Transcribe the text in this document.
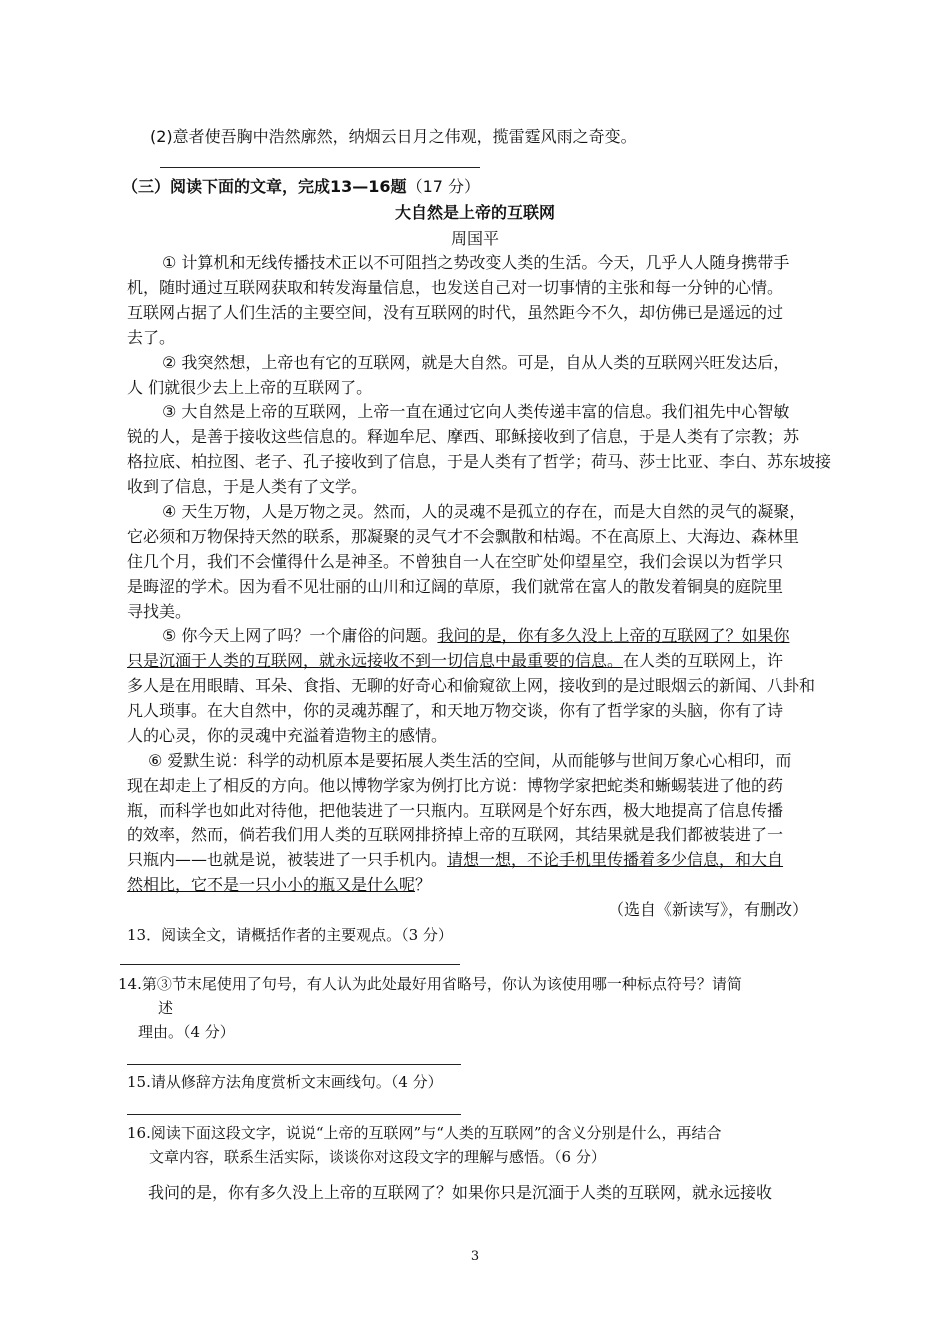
(2)意者使吾胸中浩然廓然，纳烟云日月之伟观，揽雷霆风雨之奇变。
（三）阅读下面的文章，完成13—16题（17 分）
大自然是上帝的互联网
周国平
① 计算机和无线传播技术正以不可阻挡之势改变人类的生活。今天，几乎人人随身携带手
机，随时通过互联网获取和转发海量信息，也发送自己对一切事情的主张和每一分钟的心情。
互联网占据了人们生活的主要空间，没有互联网的时代，虽然距今不久，却仿佛已是遥远的过
去了。
② 我突然想，上帝也有它的互联网，就是大自然。可是，自从人类的互联网兴旺发达后，
人 们就很少去上上帝的互联网了。
③ 大自然是上帝的互联网，上帝一直在通过它向人类传递丰富的信息。我们祖先中心智敏
锐的人，是善于接收这些信息的。释迦牟尼、摩西、耶稣接收到了信息，于是人类有了宗教；苏
格拉底、柏拉图、老子、孔子接收到了信息，于是人类有了哲学；荷马、莎士比亚、李白、苏东坡接
收到了信息，于是人类有了文学。
④ 天生万物，人是万物之灵。然而，人的灵魂不是孤立的存在，而是大自然的灵气的凝聚，
它必须和万物保持天然的联系，那凝聚的灵气才不会飘散和枯竭。不在高原上、大海边、森林里
住几个月，我们不会懂得什么是神圣。不曾独自一人在空旷处仰望星空，我们会误以为哲学只
是晦涩的学术。因为看不见壮丽的山川和辽阔的草原，我们就常在富人的散发着铜臭的庭院里
寻找美。
⑤ 你今天上网了吗？一个庸俗的问题。我问的是，你有多久没上上帝的互联网了？如果你
只是沉湎于人类的互联网，就永远接收不到一切信息中最重要的信息。在人类的互联网上，许
多人是在用眼睛、耳朵、食指、无聊的好奇心和偷窥欲上网，接收到的是过眼烟云的新闻、八卦和
凡人琐事。在大自然中，你的灵魂苏醒了，和天地万物交谈，你有了哲学家的头脑，你有了诗
人的心灵，你的灵魂中充溢着造物主的感情。
⑥ 爱默生说：科学的动机原本是要拓展人类生活的空间，从而能够与世间万象心心相印，而
现在却走上了相反的方向。他以博物学家为例打比方说：博物学家把蛇类和蜥蜴装进了他的药
瓶，而科学也如此对待他，把他装进了一只瓶内。互联网是个好东西，极大地提高了信息传播
的效率，然而，倘若我们用人类的互联网排挤掉上帝的互联网，其结果就是我们都被装进了一
只瓶内——也就是说，被装进了一只手机内。请想一想，不论手机里传播着多少信息，和大自
然相比，它不是一只小小的瓶又是什么呢？
（选自《新读写》，有删改）
13．阅读全文，请概括作者的主要观点。（3 分）
14.第③节末尾使用了句号，有人认为此处最好用省略号，你认为该使用哪一种标点符号？请简
述
理由。（4 分）
15.请从修辞方法角度赏析文末画线句。（4 分）
16.阅读下面这段文字，说说“上帝的互联网”与“人类的互联网”的含义分别是什么，再结合
文章内容，联系生活实际，谈谈你对这段文字的理解与感悟。（6 分）
我问的是，你有多久没上上帝的互联网了？如果你只是沉湎于人类的互联网，就永远接收
3
